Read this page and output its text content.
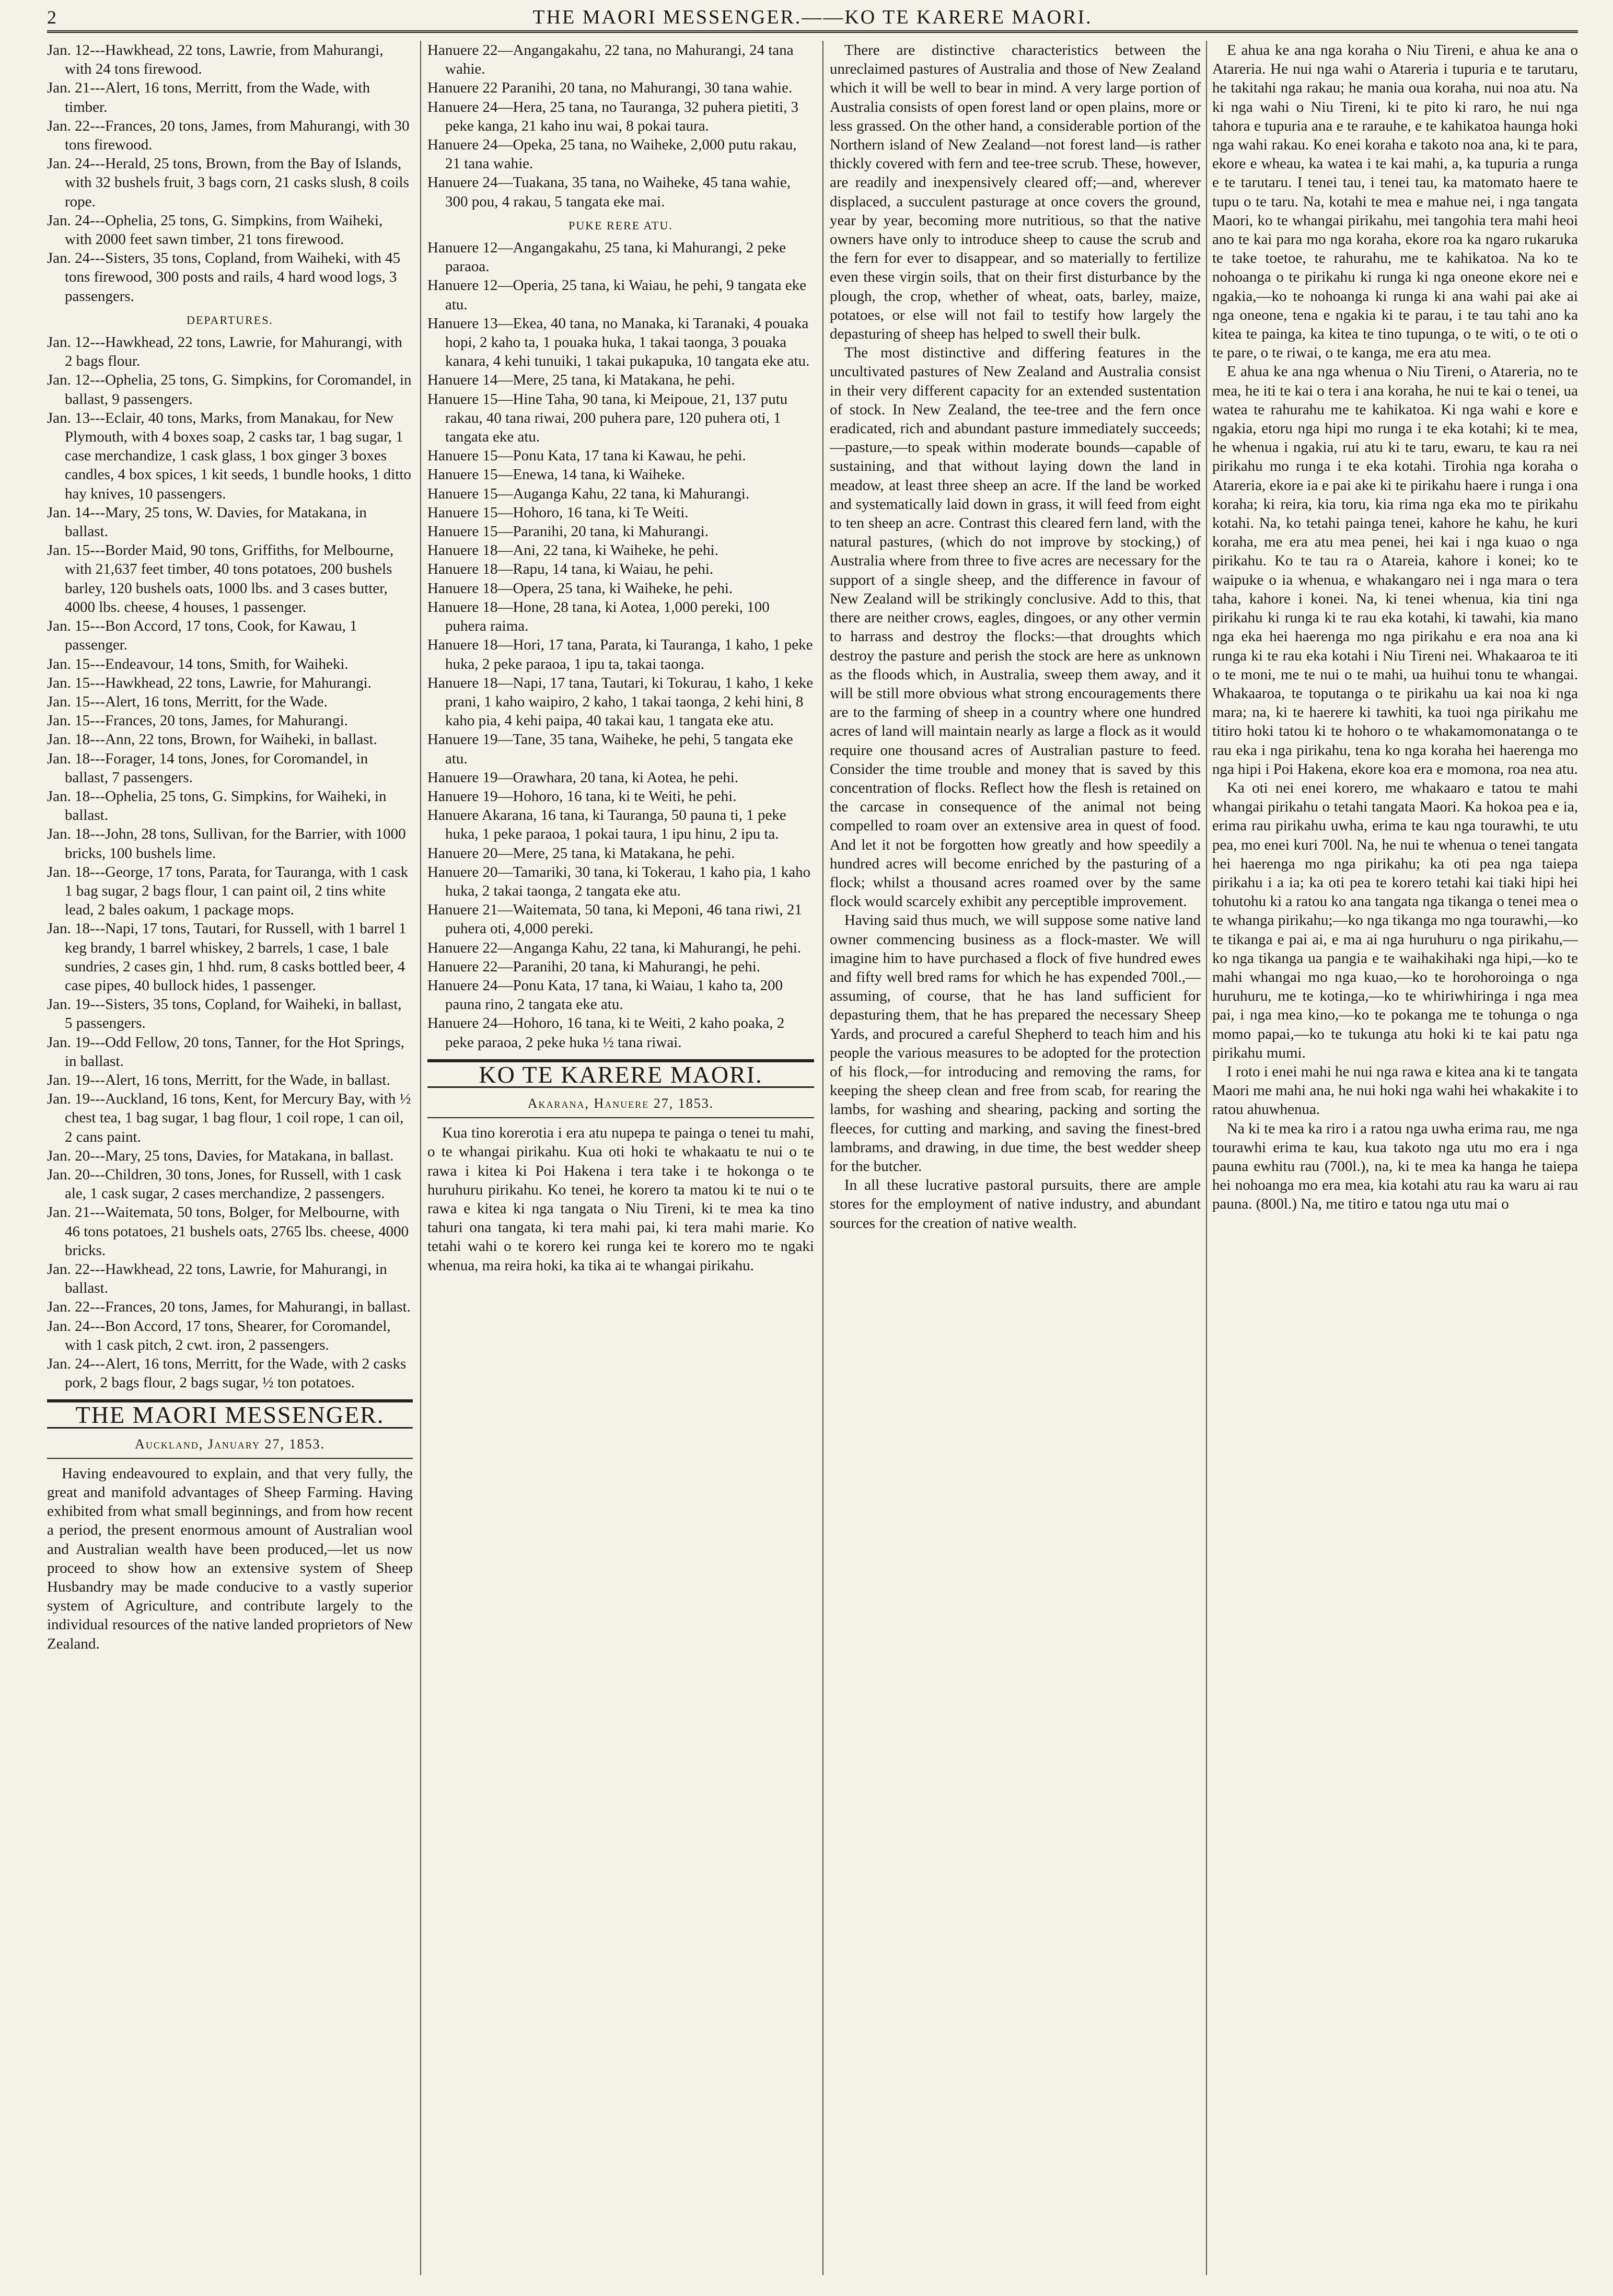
2	THE MAORI MESSENGER.——KO TE KARERE MAORI.

Jan. 12---Hawkhead, 22 tons, Lawrie, from Mahurangi, with 24 tons firewood.

Jan. 21---Alert, 16 tons, Merritt, from the Wade, with timber.

Jan. 22---Frances, 20 tons, James, from Mahurangi, with 30 tons firewood.

Jan. 24---Herald, 25 tons, Brown, from the Bay of Islands, with 32 bushels fruit, 3 bags corn, 21 casks slush, 8 coils rope.

Jan. 24---Ophelia, 25 tons, G. Simpkins, from Waiheki, with 2000 feet sawn timber, 21 tons firewood.

Jan. 24---Sisters, 35 tons, Copland, from Waiheki, with 45 tons firewood, 300 posts and rails, 4 hard wood logs, 3 passengers.

DEPARTURES.

Jan. 12---Hawkhead, 22 tons, Lawrie, for Mahurangi, with 2 bags flour.

Jan. 12---Ophelia, 25 tons, G. Simpkins, for Coromandel, in ballast, 9 passengers.

Jan. 13---Eclair, 40 tons, Marks, from Manakau, for New Plymouth, with 4 boxes soap, 2 casks tar, 1 bag sugar, 1 case merchandize, 1 cask glass, 1 box ginger 3 boxes candles, 4 box spices, 1 kit seeds, 1 bundle hooks, 1 ditto hay knives, 10 passengers.

Jan. 14---Mary, 25 tons, W. Davies, for Matakana, in ballast.

Jan. 15---Border Maid, 90 tons, Griffiths, for Melbourne, with 21,637 feet timber, 40 tons potatoes, 200 bushels barley, 120 bushels oats, 1000 lbs. and 3 cases butter, 4000 lbs. cheese, 4 houses, 1 passenger.

Jan. 15---Bon Accord, 17 tons, Cook, for Kawau, 1 passenger.

Jan. 15---Endeavour, 14 tons, Smith, for Waiheki.

Jan. 15---Hawkhead, 22 tons, Lawrie, for Mahurangi.

Jan. 15---Alert, 16 tons, Merritt, for the Wade.

Jan. 15---Frances, 20 tons, James, for Mahurangi.

Jan. 18---Ann, 22 tons, Brown, for Waiheki, in ballast.

Jan. 18---Forager, 14 tons, Jones, for Coromandel, in ballast, 7 passengers.

Jan. 18---Ophelia, 25 tons, G. Simpkins, for Waiheki, in ballast.

Jan. 18---John, 28 tons, Sullivan, for the Barrier, with 1000 bricks, 100 bushels lime.

Jan. 18---George, 17 tons, Parata, for Tauranga, with 1 cask 1 bag sugar, 2 bags flour, 1 can paint oil, 2 tins white lead, 2 bales oakum, 1 package mops.

Jan. 18---Napi, 17 tons, Tautari, for Russell, with 1 barrel 1 keg brandy, 1 barrel whiskey, 2 barrels, 1 case, 1 bale sundries, 2 cases gin, 1 hhd. rum, 8 casks bottled beer, 4 case pipes, 40 bullock hides, 1 passenger.

Jan. 19---Sisters, 35 tons, Copland, for Waiheki, in ballast, 5 passengers.

Jan. 19---Odd Fellow, 20 tons, Tanner, for the Hot Springs, in ballast.

Jan. 19---Alert, 16 tons, Merritt, for the Wade, in ballast.

Jan. 19---Auckland, 16 tons, Kent, for Mercury Bay, with ½ chest tea, 1 bag sugar, 1 bag flour, 1 coil rope, 1 can oil, 2 cans paint.

Jan. 20---Mary, 25 tons, Davies, for Matakana, in ballast.

Jan. 20---Children, 30 tons, Jones, for Russell, with 1 cask ale, 1 cask sugar, 2 cases merchandize, 2 passengers.

Jan. 21---Waitemata, 50 tons, Bolger, for Melbourne, with 46 tons potatoes, 21 bushels oats, 2765 lbs. cheese, 4000 bricks.

Jan. 22---Hawkhead, 22 tons, Lawrie, for Mahurangi, in ballast.

Jan. 22---Frances, 20 tons, James, for Mahurangi, in ballast.

Jan. 24---Bon Accord, 17 tons, Shearer, for Coromandel, with 1 cask pitch, 2 cwt. iron, 2 passengers.

Jan. 24---Alert, 16 tons, Merritt, for the Wade, with 2 casks pork, 2 bags flour, 2 bags sugar, ½ ton potatoes.

THE MAORI MESSENGER.
Auckland, January 27, 1853.

Having endeavoured to explain, and that very fully, the great and manifold advantages of Sheep Farming. Having exhibited from what small beginnings, and from how recent a period, the present enormous amount of Australian wool and Australian wealth have been produced,—let us now proceed to show how an extensive system of Sheep Husbandry may be made conducive to a vastly superior system of Agriculture, and contribute largely to the individual resources of the native landed proprietors of New Zealand.

Hanuere 22—Angangakahu, 22 tana, no Mahurangi, 24 tana wahie.

Hanuere 22 Paranihi, 20 tana, no Mahurangi, 30 tana wahie.

Hanuere 24—Hera, 25 tana, no Tauranga, 32 puhera pietiti, 3 peke kanga, 21 kaho inu wai, 8 pokai taura.

Hanuere 24—Opeka, 25 tana, no Waiheke, 2,000 putu rakau, 21 tana wahie.

Hanuere 24—Tuakana, 35 tana, no Waiheke, 45 tana wahie, 300 pou, 4 rakau, 5 tangata eke mai.

PUKE RERE ATU.

Hanuere 12—Angangakahu, 25 tana, ki Mahurangi, 2 peke paraoa.

Hanuere 12—Operia, 25 tana, ki Waiau, he pehi, 9 tangata eke atu.

Hanuere 13—Ekea, 40 tana, no Manaka, ki Taranaki, 4 pouaka hopi, 2 kaho ta, 1 pouaka huka, 1 takai taonga, 3 pouaka kanara, 4 kehi tunuiki, 1 takai pukapuka, 10 tangata eke atu.

Hanuere 14—Mere, 25 tana, ki Matakana, he pehi.

Hanuere 15—Hine Taha, 90 tana, ki Meipoue, 21, 137 putu rakau, 40 tana riwai, 200 puhera pare, 120 puhera oti, 1 tangata eke atu.

Hanuere 15—Ponu Kata, 17 tana ki Kawau, he pehi.

Hanuere 15—Enewa, 14 tana, ki Waiheke.

Hanuere 15—Auganga Kahu, 22 tana, ki Mahurangi.

Hanuere 15—Hohoro, 16 tana, ki Te Weiti.

Hanuere 15—Paranihi, 20 tana, ki Mahurangi.

Hanuere 18—Ani, 22 tana, ki Waiheke, he pehi.

Hanuere 18—Rapu, 14 tana, ki Waiau, he pehi.

Hanuere 18—Opera, 25 tana, ki Waiheke, he pehi.

Hanuere 18—Hone, 28 tana, ki Aotea, 1,000 pereki, 100 puhera raima.

Hanuere 18—Hori, 17 tana, Parata, ki Tauranga, 1 kaho, 1 peke huka, 2 peke paraoa, 1 ipu ta, takai taonga.

Hanuere 18—Napi, 17 tana, Tautari, ki Tokurau, 1 kaho, 1 keke prani, 1 kaho waipiro, 2 kaho, 1 takai taonga, 2 kehi hini, 8 kaho pia, 4 kehi paipa, 40 takai kau, 1 tangata eke atu.

Hanuere 19—Tane, 35 tana, Waiheke, he pehi, 5 tangata eke atu.

Hanuere 19—Orawhara, 20 tana, ki Aotea, he pehi.

Hanuere 19—Hohoro, 16 tana, ki te Weiti, he pehi.

Hanuere Akarana, 16 tana, ki Tauranga, 50 pauna ti, 1 peke huka, 1 peke paraoa, 1 pokai taura, 1 ipu hinu, 2 ipu ta.

Hanuere 20—Mere, 25 tana, ki Matakana, he pehi.

Hanuere 20—Tamariki, 30 tana, ki Tokerau, 1 kaho pia, 1 kaho huka, 2 takai taonga, 2 tangata eke atu.

Hanuere 21—Waitemata, 50 tana, ki Meponi, 46 tana riwi, 21 puhera oti, 4,000 pereki.

Hanuere 22—Anganga Kahu, 22 tana, ki Mahurangi, he pehi.

Hanuere 22—Paranihi, 20 tana, ki Mahurangi, he pehi.

Hanuere 24—Ponu Kata, 17 tana, ki Waiau, 1 kaho ta, 200 pauna rino, 2 tangata eke atu.

Hanuere 24—Hohoro, 16 tana, ki te Weiti, 2 kaho poaka, 2 peke paraoa, 2 peke huka ½ tana riwai.

KO TE KARERE MAORI.
Akarana, Hanuere 27, 1853.

Kua tino korerotia i era atu nupepa te painga o tenei tu mahi, o te whangai pirikahu. Kua oti hoki te whakaatu te nui o te rawa i kitea ki Poi Hakena i tera take i te hokonga o te huruhuru pirikahu. Ko tenei, he korero ta matou ki te nui o te rawa e kitea ki nga tangata o Niu Tireni, ki te mea ka tino tahuri ona tangata, ki tera mahi pai, ki tera mahi marie. Ko tetahi wahi o te korero kei runga kei te korero mo te ngaki whenua, ma reira hoki, ka tika ai te whangai pirikahu.

There are distinctive characteristics between the unreclaimed pastures of Australia and those of New Zealand which it will be well to bear in mind. A very large portion of Australia consists of open forest land or open plains, more or less grassed. On the other hand, a considerable portion of the Northern island of New Zealand—not forest land—is rather thickly covered with fern and tee-tree scrub. These, however, are readily and inexpensively cleared off;—and, wherever displaced, a succulent pasturage at once covers the ground, year by year, becoming more nutritious, so that the native owners have only to introduce sheep to cause the scrub and the fern for ever to disappear, and so materially to fertilize even these virgin soils, that on their first disturbance by the plough, the crop, whether of wheat, oats, barley, maize, potatoes, or else will not fail to testify how largely the depasturing of sheep has helped to swell their bulk.

The most distinctive and differing features in the uncultivated pastures of New Zealand and Australia consist in their very different capacity for an extended sustentation of stock. In New Zealand, the tee-tree and the fern once eradicated, rich and abundant pasture immediately succeeds;—pasture,—to speak within moderate bounds—capable of sustaining, and that without laying down the land in meadow, at least three sheep an acre. If the land be worked and systematically laid down in grass, it will feed from eight to ten sheep an acre. Contrast this cleared fern land, with the natural pastures, (which do not improve by stocking,) of Australia where from three to five acres are necessary for the support of a single sheep, and the difference in favour of New Zealand will be strikingly conclusive. Add to this, that there are neither crows, eagles, dingoes, or any other vermin to harrass and destroy the flocks:—that droughts which destroy the pasture and perish the stock are here as unknown as the floods which, in Australia, sweep them away, and it will be still more obvious what strong encouragements there are to the farming of sheep in a country where one hundred acres of land will maintain nearly as large a flock as it would require one thousand acres of Australian pasture to feed. Consider the time trouble and money that is saved by this concentration of flocks. Reflect how the flesh is retained on the carcase in consequence of the animal not being compelled to roam over an extensive area in quest of food. And let it not be forgotten how greatly and how speedily a hundred acres will become enriched by the pasturing of a flock; whilst a thousand acres roamed over by the same flock would scarcely exhibit any perceptible improvement.

Having said thus much, we will suppose some native land owner commencing business as a flock-master. We will imagine him to have purchased a flock of five hundred ewes and fifty well bred rams for which he has expended 700l.,—assuming, of course, that he has land sufficient for depasturing them, that he has prepared the necessary Sheep Yards, and procured a careful Shepherd to teach him and his people the various measures to be adopted for the protection of his flock,—for introducing and removing the rams, for keeping the sheep clean and free from scab, for rearing the lambs, for washing and shearing, packing and sorting the fleeces, for cutting and marking, and saving the finest-bred lambrams, and drawing, in due time, the best wedder sheep for the butcher.

In all these lucrative pastoral pursuits, there are ample stores for the employment of native industry, and abundant sources for the creation of native wealth.

E ahua ke ana nga koraha o Niu Tireni, e ahua ke ana o Atareria. He nui nga wahi o Atareria i tupuria e te tarutaru, he takitahi nga rakau; he mania oua koraha, nui noa atu. Na ki nga wahi o Niu Tireni, ki te pito ki raro, he nui nga tahora e tupuria ana e te rarauhe, e te kahikatoa haunga hoki nga wahi rakau. Ko enei koraha e takoto noa ana, ki te para, ekore e wheau, ka watea i te kai mahi, a, ka tupuria a runga e te tarutaru. I tenei tau, i tenei tau, ka matomato haere te tupu o te taru. Na, kotahi te mea e mahue nei, i nga tangata Maori, ko te whangai pirikahu, mei tangohia tera mahi heoi ano te kai para mo nga koraha, ekore roa ka ngaro rukaruka te take toetoe, te rahurahu, me te kahikatoa. Na ko te nohoanga o te pirikahu ki runga ki nga oneone ekore nei e ngakia,—ko te nohoanga ki runga ki ana wahi pai ake ai nga oneone, tena e ngakia ki te parau, i te tau tahi ano ka kitea te painga, ka kitea te tino tupunga, o te witi, o te oti o te pare, o te riwai, o te kanga, me era atu mea.

E ahua ke ana nga whenua o Niu Tireni, o Atareria, no te mea, he iti te kai o tera i ana koraha, he nui te kai o tenei, ua watea te rahurahu me te kahikatoa. Ki nga wahi e kore e ngakia, etoru nga hipi mo runga i te eka kotahi; ki te mea, he whenua i ngakia, rui atu ki te taru, ewaru, te kau ra nei pirikahu mo runga i te eka kotahi. Tirohia nga koraha o Atareria, ekore ia e pai ake ki te pirikahu haere i runga i ona koraha; ki reira, kia toru, kia rima nga eka mo te pirikahu kotahi. Na, ko tetahi painga tenei, kahore he kahu, he kuri koraha, me era atu mea penei, hei kai i nga kuao o nga pirikahu. Ko te tau ra o Atareia, kahore i konei; ko te waipuke o ia whenua, e whakangaro nei i nga mara o tera taha, kahore i konei. Na, ki tenei whenua, kia tini nga pirikahu ki runga ki te rau eka kotahi, ki tawahi, kia mano nga eka hei haerenga mo nga pirikahu e era noa ana ki runga ki te rau eka kotahi i Niu Tireni nei. Whakaaroa te iti o te moni, me te nui o te mahi, ua huihui tonu te whangai. Whakaaroa, te toputanga o te pirikahu ua kai noa ki nga mara; na, ki te haerere ki tawhiti, ka tuoi nga pirikahu me titiro hoki tatou ki te hohoro o te whakamomonatanga o te rau eka i nga pirikahu, tena ko nga koraha hei haerenga mo nga hipi i Poi Hakena, ekore koa era e momona, roa nea atu.

Ka oti nei enei korero, me whakaaro e tatou te mahi whangai pirikahu o tetahi tangata Maori. Ka hokoa pea e ia, erima rau pirikahu uwha, erima te kau nga tourawhi, te utu pea, mo enei kuri 700l. Na, he nui te whenua o tenei tangata hei haerenga mo nga pirikahu; ka oti pea nga taiepa pirikahu i a ia; ka oti pea te korero tetahi kai tiaki hipi hei tohutohu ki a ratou ko ana tangata nga tikanga o tenei mea o te whanga pirikahu;—ko nga tikanga mo nga tourawhi,—ko te tikanga e pai ai, e ma ai nga huruhuru o nga pirikahu,—ko nga tikanga ua pangia e te waihakihaki nga hipi,—ko te mahi whangai mo nga kuao,—ko te horohoroinga o nga huruhuru, me te kotinga,—ko te whiriwhiringa i nga mea pai, i nga mea kino,—ko te pokanga me te tohunga o nga momo papai,—ko te tukunga atu hoki ki te kai patu nga pirikahu mumi.

I roto i enei mahi he nui nga rawa e kitea ana ki te tangata Maori me mahi ana, he nui hoki nga wahi hei whakakite i to ratou ahuwhenua.

Na ki te mea ka riro i a ratou nga uwha erima rau, me nga tourawhi erima te kau, kua takoto nga utu mo era i nga pauna ewhitu rau (700l.), na, ki te mea ka hanga he taiepa hei nohoanga mo era mea, kia kotahi atu rau ka waru ai rau pauna. (800l.) Na, me titiro e tatou nga utu mai o
